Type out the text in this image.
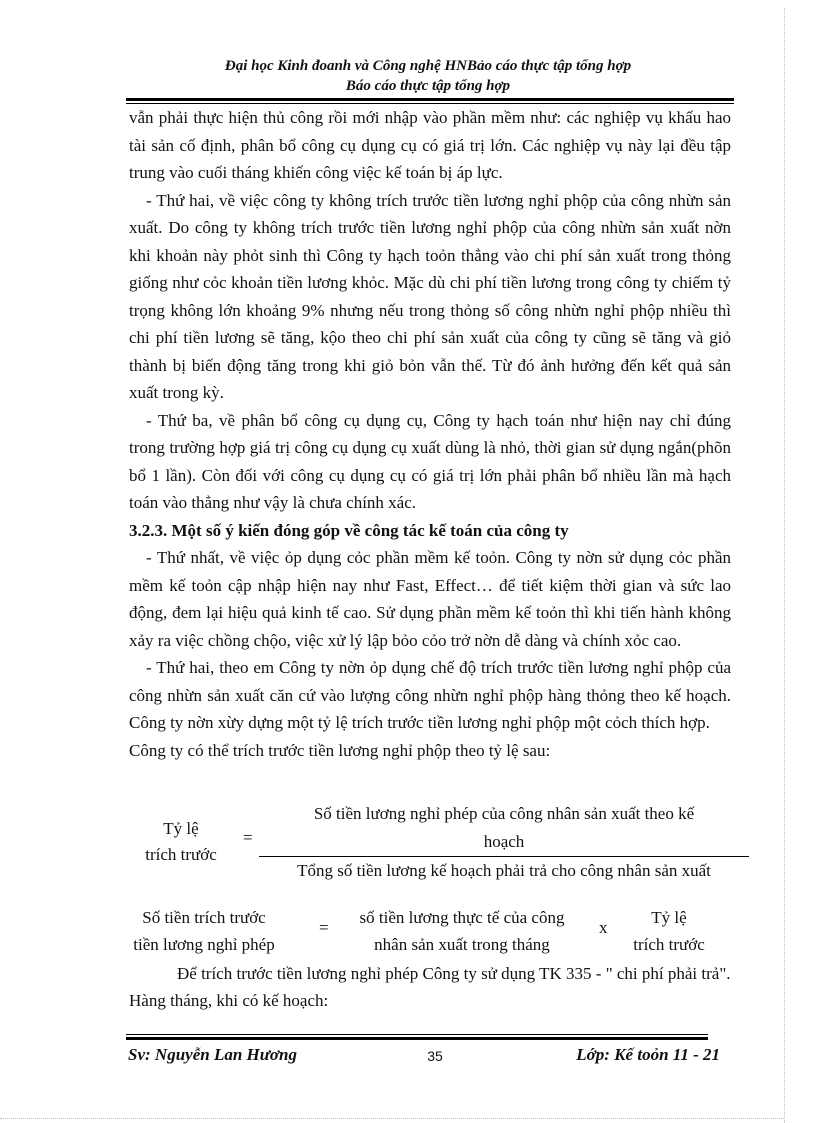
Đại học Kinh đoanh và Công nghệ HNBảo cáo thực tập tổng hợp
Báo cáo thực tập tổng hợp

vẫn phải thực hiện thủ công rồi mới nhập vào phần mềm như: các nghiệp vụ khấu hao tài sản cố định, phân bổ công cụ dụng cụ có giá trị lớn. Các nghiệp vụ này lại đều tập trung vào cuối tháng khiến công việc kế toán bị áp lực.

- Thứ hai, về việc công ty không trích trước tiền lương nghỉ phộp của công nhừn sản xuất. Do công ty không trích trước tiền lương nghỉ phộp của công nhừn sản xuất nờn khi khoản này phỏt sinh thì Công ty hạch toỏn thẳng vào chi phí sản xuất trong thỏng giống như cỏc khoản tiền lương khỏc. Mặc dù chi phí tiền lương trong công ty chiếm tỷ trọng không lớn khoảng 9% nhưng nếu trong thỏng số công nhừn nghỉ phộp nhiều thì chi phí tiền lương sẽ tăng, kộo theo chi phí sản xuất của công ty cũng sẽ tăng và giỏ thành bị biến động tăng trong khi giỏ bỏn vẫn thế. Từ đó ảnh hưởng đến kết quả sản xuất trong kỳ.

- Thứ ba, về phân bổ công cụ dụng cụ, Công ty hạch toán như hiện nay chỉ đúng trong trường hợp giá trị công cụ dụng cụ xuất dùng là nhỏ, thời gian sử dụng ngắn(phõn bổ 1 lần). Còn đối với công cụ dụng cụ có giá trị lớn phải phân bổ nhiều lần mà hạch toán vào thẳng như vậy là chưa chính xác.

3.2.3. Một số ý kiến đóng góp về công tác kế toán của công ty

- Thứ nhất, về việc ỏp dụng cỏc phần mềm kế toỏn. Công ty nờn sử dụng cỏc phần mềm kế toỏn cập nhập hiện nay như Fast, Effect… để tiết kiệm thời gian và sức lao động, đem lại hiệu quả kinh tế cao. Sử dụng phần mềm kế toỏn thì khi tiến hành không xảy ra việc chồng chộo, việc xử lý lập bỏo cỏo trở nờn dễ dàng và chính xỏc cao.

- Thứ hai, theo em Công ty nờn ỏp dụng chế độ trích trước tiền lương nghỉ phộp của công nhừn sản xuất căn cứ vào lượng công nhừn nghỉ phộp hàng thỏng theo kế hoạch. Công ty nờn xừy dựng một tỷ lệ trích trước tiền lương nghỉ phộp một cỏch thích hợp.

Công ty có thể trích trước tiền lương nghỉ phộp theo tỷ lệ sau:

Tỷ lệ
trích trước
=
Số tiền lương nghỉ phép của công nhân sản xuất theo kế
hoạch
Tổng số tiền lương kế hoạch phải trả cho công nhân sản xuất
Số tiền trích trước
tiền lương nghỉ phép
=
số tiền lương thực tế của công
nhân sản xuất trong tháng
x
Tỷ lệ
trích trước
Để trích trước tiền lương nghỉ phép Công ty sử dụng TK 335 - " chi phí phải trả". Hàng tháng, khi có kế hoạch:
Sv: Nguyễn Lan Hương	35	Lớp: Kế toỏn 11 - 21
